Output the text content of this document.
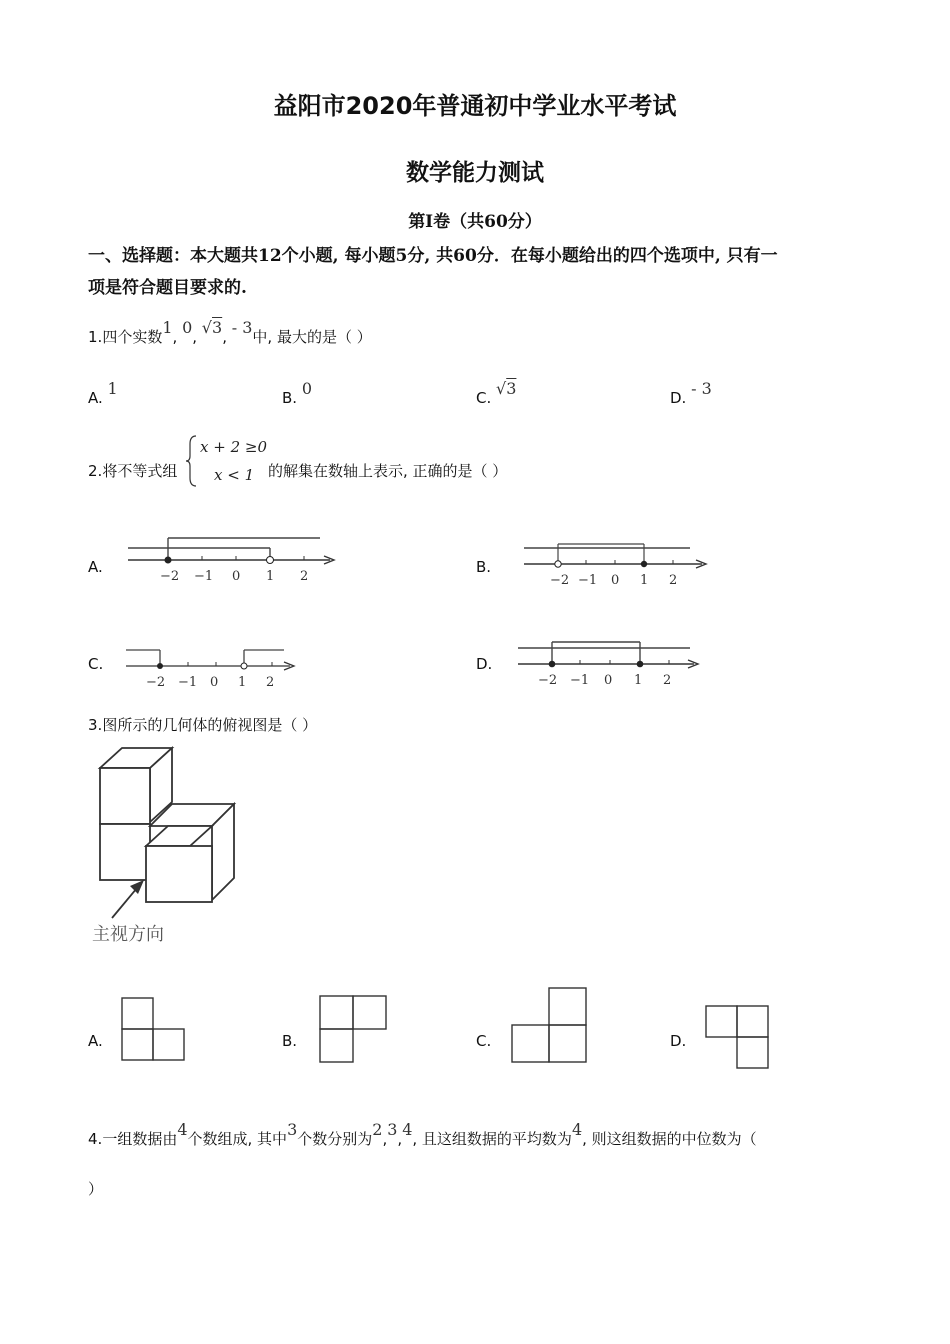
益阳市2020年普通初中学业水平考试
数学能力测试
第Ⅰ卷（共60分）
一、选择题：本大题共12个小题, 每小题5分, 共60分．在每小题给出的四个选项中, 只有一
项是符合题目要求的.
1.四个实数1, 0, √3, - 3中, 最大的是（ ）
A. 1	B. 0	C. √3	D. - 3
2.将不等式组
x + 2 ≥0
x < 1 的解集在数轴上表示, 正确的是（ ）
A.	B.
C.	D.
−2 −1 0 1 2	−2 −1 0 1 2
−2 −1 0 1 2	−2 −1 0 1 2
3.图所示的几何体的俯视图是（ ）
主视方向
A.	B.	C.	D.
4.一组数据由4个数组成, 其中3个数分别为2,3,4, 且这组数据的平均数为4, 则这组数据的中位数为（
）
